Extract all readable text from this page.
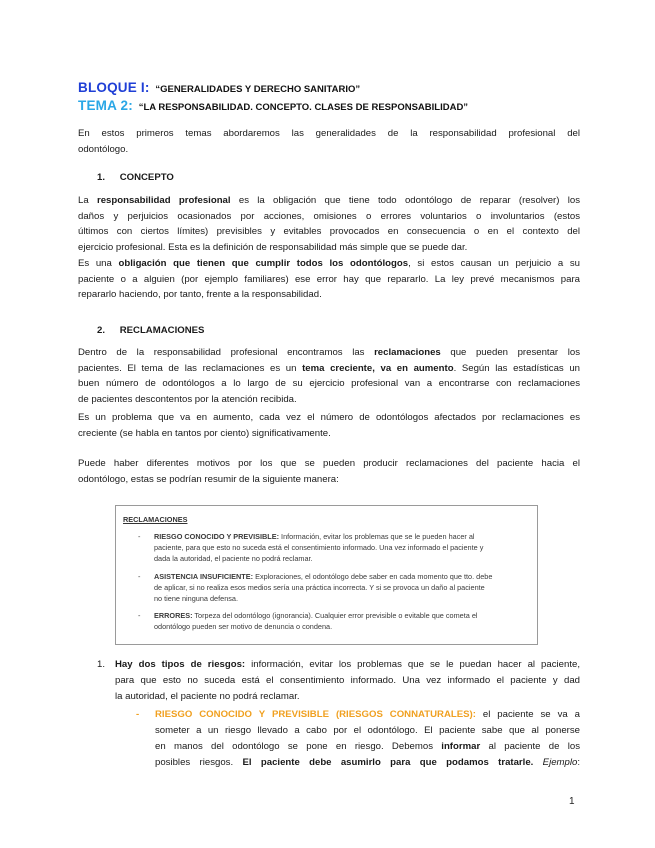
BLOQUE I: “GENERALIDADES Y DERECHO SANITARIO”
TEMA 2: “LA RESPONSABILIDAD. CONCEPTO. CLASES DE RESPONSABILIDAD”
En estos primeros temas abordaremos las generalidades de la responsabilidad profesional del
odontólogo.
1. CONCEPTO
La responsabilidad profesional es la obligación que tiene todo odontólogo de reparar (resolver) los
daños y perjuicios ocasionados por acciones, omisiones o errores voluntarios o involuntarios (estos
últimos con ciertos límites) previsibles y evitables provocados en consecuencia o en el contexto del
ejercicio profesional. Esta es la definición de responsabilidad más simple que se puede dar.
Es una obligación que tienen que cumplir todos los odontólogos, si estos causan un perjuicio a su
paciente o a alguien (por ejemplo familiares) ese error hay que repararlo. La ley prevé mecanismos para
repararlo haciendo, por tanto, frente a la responsabilidad.
2. RECLAMACIONES
Dentro de la responsabilidad profesional encontramos las reclamaciones que pueden presentar los
pacientes. El tema de las reclamaciones es un tema creciente, va en aumento. Según las estadísticas un
buen número de odontólogos a lo largo de su ejercicio profesional van a encontrarse con reclamaciones
de pacientes descontentos por la atención recibida.
Es un problema que va en aumento, cada vez el número de odontólogos afectados por reclamaciones es
creciente (se habla en tantos por ciento) significativamente.
Puede haber diferentes motivos por los que se pueden producir reclamaciones del paciente hacia el
odontólogo, estas se podrían resumir de la siguiente manera:
RECLAMACIONES
- RIESGO CONOCIDO Y PREVISIBLE: Información, evitar los problemas que se le pueden hacer al
paciente, para que esto no suceda está el consentimiento informado. Una vez informado el paciente y
dada la autoridad, el paciente no podrá reclamar.
- ASISTENCIA INSUFICIENTE: Exploraciones, el odontólogo debe saber en cada momento que tto. debe
de aplicar, si no realiza esos medios sería una práctica incorrecta. Y si se provoca un daño al paciente
no tiene ninguna defensa.
- ERRORES: Torpeza del odontólogo (ignorancia). Cualquier error previsible o evitable que cometa el
odontólogo pueden ser motivo de denuncia o condena.
1. Hay dos tipos de riesgos: información, evitar los problemas que se le puedan hacer al paciente,
para que esto no suceda está el consentimiento informado. Una vez informado el paciente y dad
la autoridad, el paciente no podrá reclamar.
- RIESGO CONOCIDO Y PREVISIBLE (RIESGOS CONNATURALES): el paciente se va a
someter a un riesgo llevado a cabo por el odontólogo. El paciente sabe que al ponerse
en manos del odontólogo se pone en riesgo. Debemos informar al paciente de los
posibles riesgos. El paciente debe asumirlo para que podamos tratarle. Ejemplo:
1
